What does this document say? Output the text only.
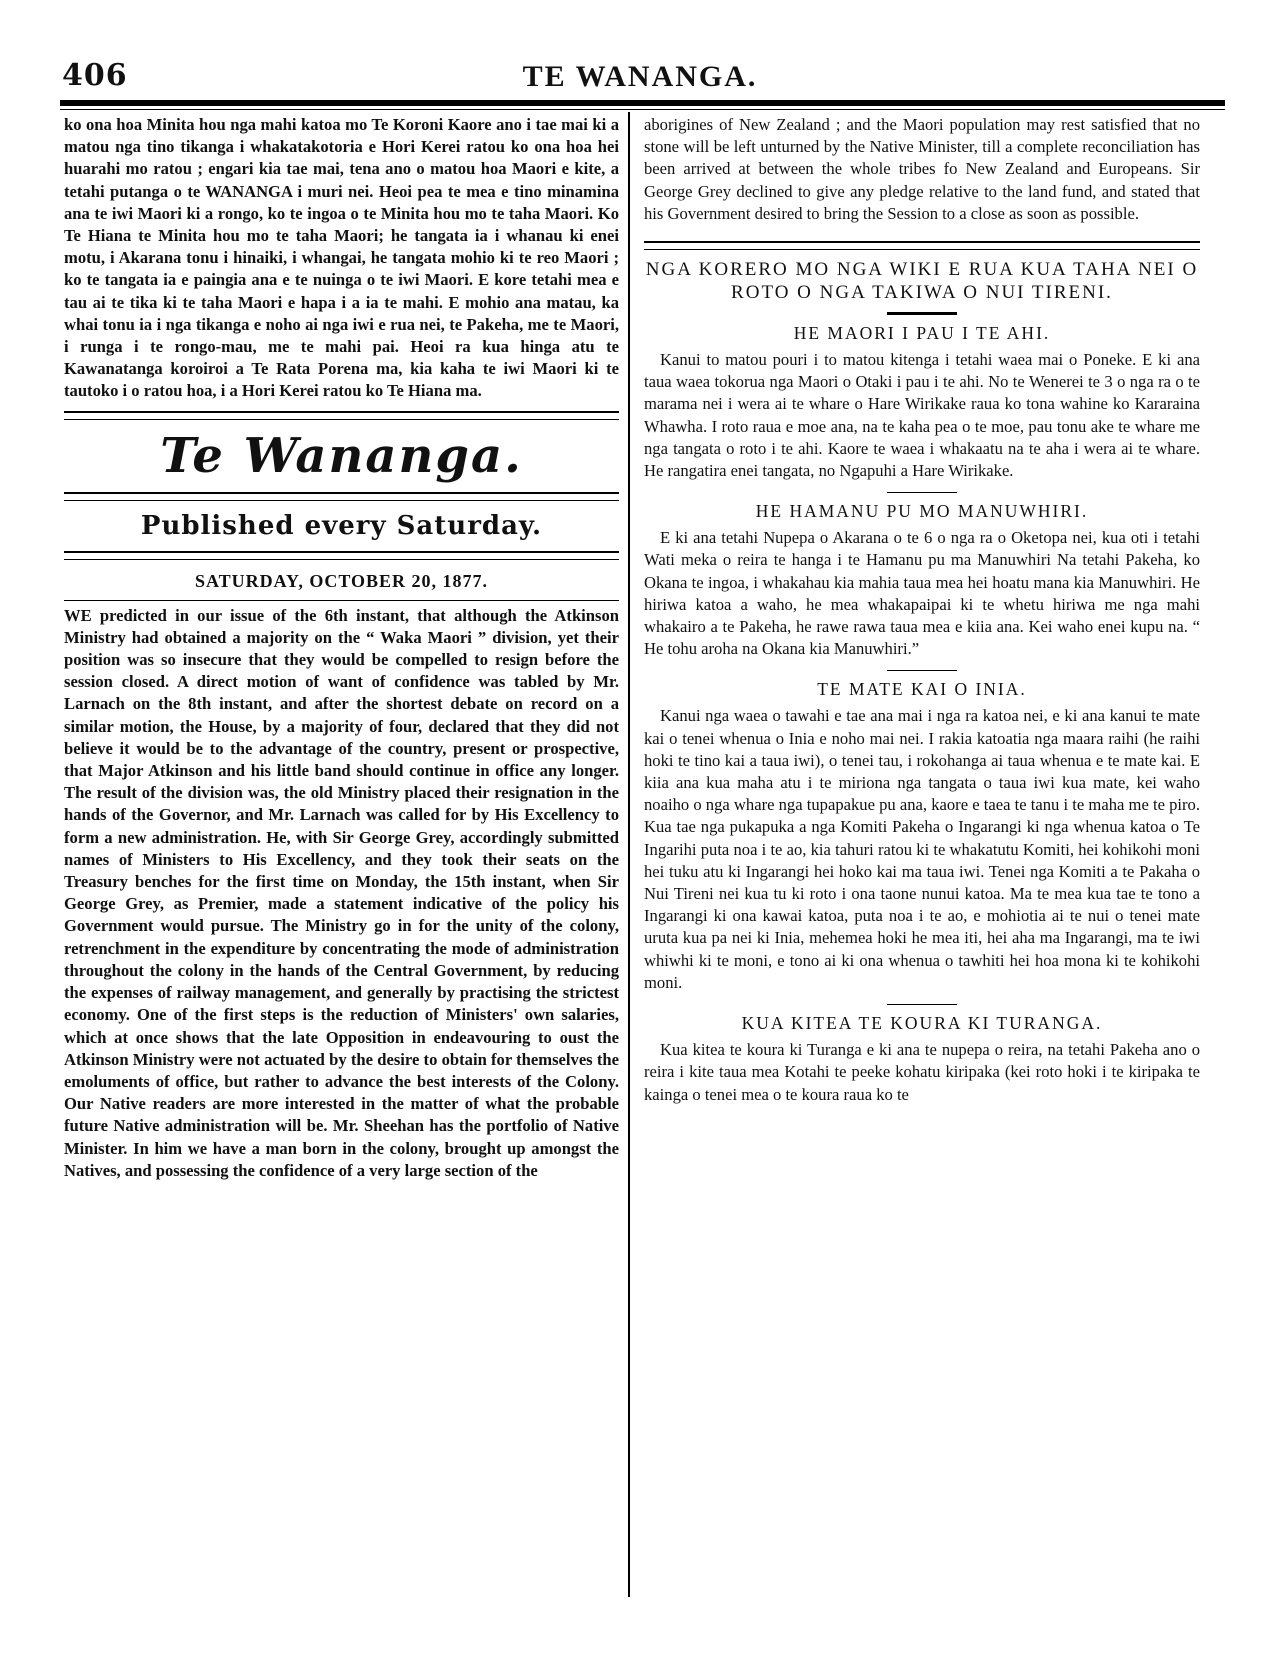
406	TE WANANGA.

ko ona hoa Minita hou nga mahi katoa mo Te Koroni Kaore ano i tae mai ki a matou nga tino tikanga i whakatakotoria e Hori Kerei ratou ko ona hoa hei huarahi mo ratou ; engari kia tae mai, tena ano o matou hoa Maori e kite, a tetahi putanga o te WANANGA i muri nei. Heoi pea te mea e tino minamina ana te iwi Maori ki a rongo, ko te ingoa o te Minita hou mo te taha Maori. Ko Te Hiana te Minita hou mo te taha Maori; he tangata ia i whanau ki enei motu, i Akarana tonu i hinaiki, i whangai, he tangata mohio ki te reo Maori ; ko te tangata ia e paingia ana e te nuinga o te iwi Maori. E kore tetahi mea e tau ai te tika ki te taha Maori e hapa i a ia te mahi. E mohio ana matau, ka whai tonu ia i nga tikanga e noho ai nga iwi e rua nei, te Pakeha, me te Maori, i runga i te rongo-mau, me te mahi pai. Heoi ra kua hinga atu te Kawanatanga koroiroi a Te Rata Porena ma, kia kaha te iwi Maori ki te tautoko i o ratou hoa, i a Hori Kerei ratou ko Te Hiana ma.

Te Wananga.
Published every Saturday.
SATURDAY, OCTOBER 20, 1877.

WE predicted in our issue of the 6th instant, that although the Atkinson Ministry had obtained a majority on the “ Waka Maori ” division, yet their position was so insecure that they would be compelled to resign before the session closed. A direct motion of want of confidence was tabled by Mr. Larnach on the 8th instant, and after the shortest debate on record on a similar motion, the House, by a majority of four, declared that they did not believe it would be to the advantage of the country, present or prospective, that Major Atkinson and his little band should continue in office any longer. The result of the division was, the old Ministry placed their resignation in the hands of the Governor, and Mr. Larnach was called for by His Excellency to form a new administration. He, with Sir George Grey, accordingly submitted names of Ministers to His Excellency, and they took their seats on the Treasury benches for the first time on Monday, the 15th instant, when Sir George Grey, as Premier, made a statement indicative of the policy his Government would pursue. The Ministry go in for the unity of the colony, retrenchment in the expenditure by concentrating the mode of administration throughout the colony in the hands of the Central Government, by reducing the expenses of railway management, and generally by practising the strictest economy. One of the first steps is the reduction of Ministers' own salaries, which at once shows that the late Opposition in endeavouring to oust the Atkinson Ministry were not actuated by the desire to obtain for themselves the emoluments of office, but rather to advance the best interests of the Colony. Our Native readers are more interested in the matter of what the probable future Native administration will be. Mr. Sheehan has the portfolio of Native Minister. In him we have a man born in the colony, brought up amongst the Natives, and possessing the confidence of a very large section of the

aborigines of New Zealand ; and the Maori population may rest satisfied that no stone will be left unturned by the Native Minister, till a complete reconciliation has been arrived at between the whole tribes fo New Zealand and Europeans. Sir George Grey declined to give any pledge relative to the land fund, and stated that his Government desired to bring the Session to a close as soon as possible.

NGA KORERO MO NGA WIKI E RUA KUA TAHA NEI O ROTO O NGA TAKIWA O NUI TIRENI.
HE MAORI I PAU I TE AHI.

Kanui to matou pouri i to matou kitenga i tetahi waea mai o Poneke. E ki ana taua waea tokorua nga Maori o Otaki i pau i te ahi. No te Wenerei te 3 o nga ra o te marama nei i wera ai te whare o Hare Wirikake raua ko tona wahine ko Kararaina Whawha. I roto raua e moe ana, na te kaha pea o te moe, pau tonu ake te whare me nga tangata o roto i te ahi. Kaore te waea i whakaatu na te aha i wera ai te whare. He rangatira enei tangata, no Ngapuhi a Hare Wirikake.

HE HAMANU PU MO MANUWHIRI.

E ki ana tetahi Nupepa o Akarana o te 6 o nga ra o Oketopa nei, kua oti i tetahi Wati meka o reira te hanga i te Hamanu pu ma Manuwhiri Na tetahi Pakeha, ko Okana te ingoa, i whakahau kia mahia taua mea hei hoatu mana kia Manuwhiri. He hiriwa katoa a waho, he mea whakapaipai ki te whetu hiriwa me nga mahi whakairo a te Pakeha, he rawe rawa taua mea e kiia ana. Kei waho enei kupu na. “ He tohu aroha na Okana kia Manuwhiri.”

TE MATE KAI O INIA.

Kanui nga waea o tawahi e tae ana mai i nga ra katoa nei, e ki ana kanui te mate kai o tenei whenua o Inia e noho mai nei. I rakia katoatia nga maara raihi (he raihi hoki te tino kai a taua iwi), o tenei tau, i rokohanga ai taua whenua e te mate kai. E kiia ana kua maha atu i te miriona nga tangata o taua iwi kua mate, kei waho noaiho o nga whare nga tupapakue pu ana, kaore e taea te tanu i te maha me te piro. Kua tae nga pukapuka a nga Komiti Pakeha o Ingarangi ki nga whenua katoa o Te Ingarihi puta noa i te ao, kia tahuri ratou ki te whakatutu Komiti, hei kohikohi moni hei tuku atu ki Ingarangi hei hoko kai ma taua iwi. Tenei nga Komiti a te Pakaha o Nui Tireni nei kua tu ki roto i ona taone nunui katoa. Ma te mea kua tae te tono a Ingarangi ki ona kawai katoa, puta noa i te ao, e mohiotia ai te nui o tenei mate uruta kua pa nei ki Inia, mehemea hoki he mea iti, hei aha ma Ingarangi, ma te iwi whiwhi ki te moni, e tono ai ki ona whenua o tawhiti hei hoa mona ki te kohikohi moni.

KUA KITEA TE KOURA KI TURANGA.

Kua kitea te koura ki Turanga e ki ana te nupepa o reira, na tetahi Pakeha ano o reira i kite taua mea Kotahi te peeke kohatu kiripaka (kei roto hoki i te kiripaka te kainga o tenei mea o te koura raua ko te
